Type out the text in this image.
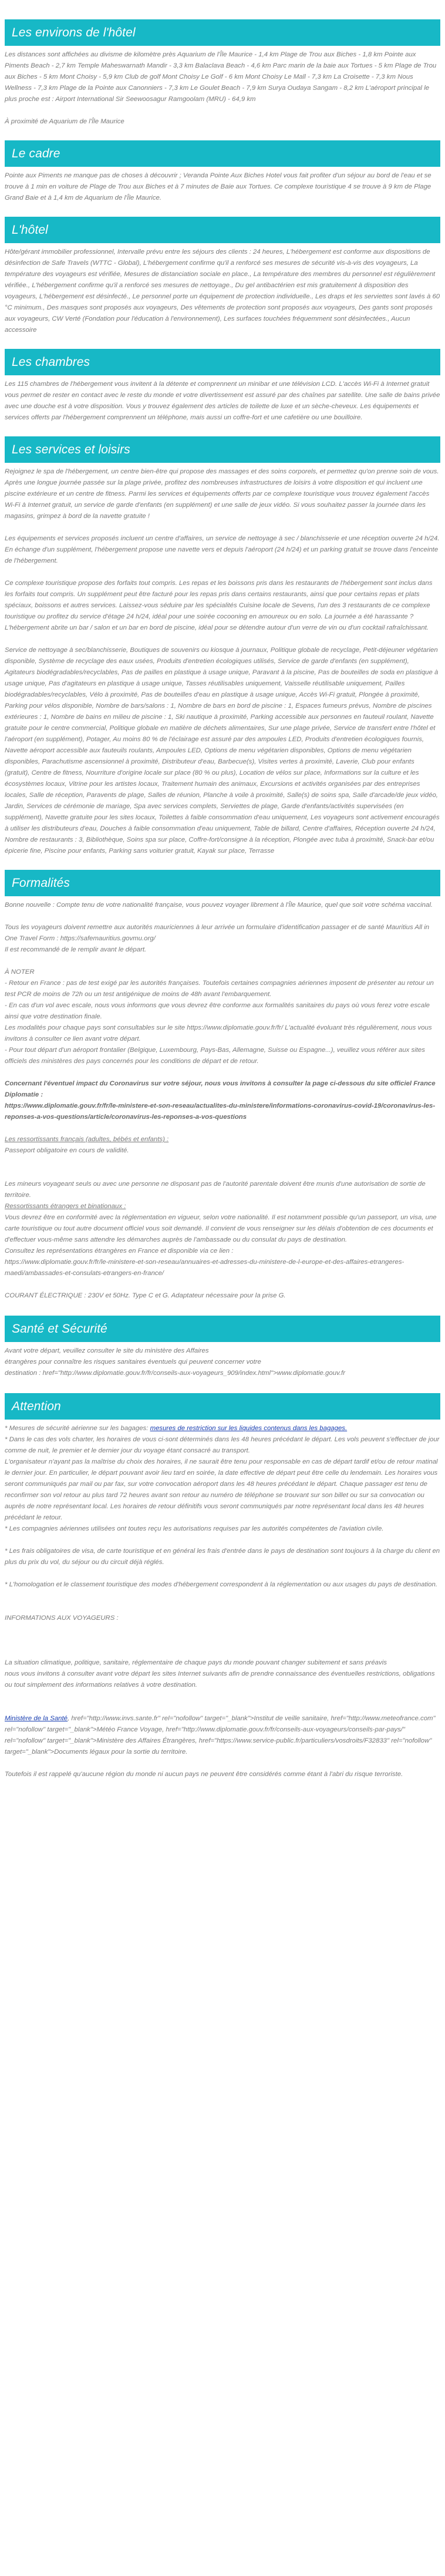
Les environs de l'hôtel

Les distances sont affichées au divisme de kilomètre près Aquarium de l'Île Maurice - 1,4 km Plage de Trou aux Biches - 1,8 km Pointe aux Piments Beach - 2,7 km Temple Maheswarnath Mandir - 3,3 km Balaclava Beach - 4,6 km Parc marin de la baie aux Tortues - 5 km Plage de Trou aux Biches - 5 km Mont Choisy - 5,9 km Club de golf Mont Choisy Le Golf - 6 km Mont Choisy Le Mall - 7,3 km La Croisette - 7,3 km Nous Wellness - 7,3 km Plage de la Pointe aux Canonniers - 7,3 km Le Goulet Beach - 7,9 km Surya Oudaya Sangam - 8,2 km L'aéroport principal le plus proche est : Airport International Sir Seewoosagur Ramgoolam (MRU) - 64,9 km

À proximité de Aquarium de l'Île Maurice

Le cadre

Pointe aux Piments ne manque pas de choses à découvrir ; Veranda Pointe Aux Biches Hotel vous fait profiter d'un séjour au bord de l'eau et se trouve à 1 min en voiture de Plage de Trou aux Biches et à 7 minutes de Baie aux Tortues. Ce complexe touristique 4 se trouve à 9 km de Plage Grand Baie et à 1,4 km de Aquarium de l'Île Maurice.

L'hôtel

Hôte/gérant immobilier professionnel, Intervalle prévu entre les séjours des clients : 24 heures, L'hébergement est conforme aux dispositions de désinfection de Safe Travels (WTTC - Global), L'hébergement confirme qu'il a renforcé ses mesures de sécurité vis-à-vis des voyageurs, La température des voyageurs est vérifiée, Mesures de distanciation sociale en place., La température des membres du personnel est régulièrement vérifiée., L'hébergement confirme qu'il a renforcé ses mesures de nettoyage., Du gel antibactérien est mis gratuitement à disposition des voyageurs, L'hébergement est désinfecté., Le personnel porte un équipement de protection individuelle., Les draps et les serviettes sont lavés à 60 °C minimum., Des masques sont proposés aux voyageurs, Des vêtements de protection sont proposés aux voyageurs, Des gants sont proposés aux voyageurs, CW Verté (Fondation pour l'éducation à l'environnement), Les surfaces touchées fréquemment sont désinfectées., Aucun accessoire

Les chambres

Les 115 chambres de l'hébergement vous invitent à la détente et comprennent un minibar et une télévision LCD. L'accès Wi-Fi à Internet gratuit vous permet de rester en contact avec le reste du monde et votre divertissement est assuré par des chaînes par satellite. Une salle de bains privée avec une douche est à votre disposition. Vous y trouvez également des articles de toilette de luxe et un sèche-cheveux. Les équipements et services offerts par l'hébergement comprennent un téléphone, mais aussi un coffre-fort et une cafetière ou une bouilloire.

Les services et loisirs

Rejoignez le spa de l'hébergement, un centre bien-être qui propose des massages et des soins corporels, et permettez qu'on prenne soin de vous. Après une longue journée passée sur la plage privée, profitez des nombreuses infrastructures de loisirs à votre disposition et qui incluent une piscine extérieure et un centre de fitness. Parmi les services et équipements offerts par ce complexe touristique vous trouvez également l'accès Wi-Fi à Internet gratuit, un service de garde d'enfants (en supplément) et une salle de jeux vidéo. Si vous souhaitez passer la journée dans les magasins, grimpez à bord de la navette gratuite !

Les équipements et services proposés incluent un centre d'affaires, un service de nettoyage à sec / blanchisserie et une réception ouverte 24 h/24. En échange d'un supplément, l'hébergement propose une navette vers et depuis l'aéroport (24 h/24) et un parking gratuit se trouve dans l'enceinte de l'hébergement.

Ce complexe touristique propose des forfaits tout compris. Les repas et les boissons pris dans les restaurants de l'hébergement sont inclus dans les forfaits tout compris. Un supplément peut être facturé pour les repas pris dans certains restaurants, ainsi que pour certains repas et plats spéciaux, boissons et autres services. Laissez-vous séduire par les spécialités Cuisine locale de Sevens, l'un des 3 restaurants de ce complexe touristique ou profitez du service d'étage 24 h/24, idéal pour une soirée cocooning en amoureux ou en solo. La journée a été harassante ? L'hébergement abrite un bar / salon et un bar en bord de piscine, idéal pour se détendre autour d'un verre de vin ou d'un cocktail rafraîchissant.

Service de nettoyage à sec/blanchisserie, Boutiques de souvenirs ou kiosque à journaux, Politique globale de recyclage, Petit-déjeuner végétarien disponible, Système de recyclage des eaux usées, Produits d'entretien écologiques utilisés, Service de garde d'enfants (en supplément), Agitateurs biodégradables/recyclables, Pas de pailles en plastique à usage unique, Paravant à la piscine, Pas de bouteilles de soda en plastique à usage unique, Pas d'agitateurs en plastique à usage unique, Tasses réutilisables uniquement, Vaisselle réutilisable uniquement, Pailles biodégradables/recyclables, Vélo à proximité, Pas de bouteilles d'eau en plastique à usage unique, Accès Wi-Fi gratuit, Plongée à proximité, Parking pour vélos disponible, Nombre de bars/salons : 1, Nombre de bars en bord de piscine : 1, Espaces fumeurs prévus, Nombre de piscines extérieures : 1, Nombre de bains en milieu de piscine : 1, Ski nautique à proximité, Parking accessible aux personnes en fauteuil roulant, Navette gratuite pour le centre commercial, Politique globale en matière de déchets alimentaires, Sur une plage privée, Service de transfert entre l'hôtel et l'aéroport (en supplément), Potager, Au moins 80 % de l'éclairage est assuré par des ampoules LED, Produits d'entretien écologiques fournis, Navette aéroport accessible aux fauteuils roulants, Ampoules LED, Options de menu végétarien disponibles, Options de menu végétarien disponibles, Parachutisme ascensionnel à proximité, Distributeur d'eau, Barbecue(s), Visites vertes à proximité, Laverie, Club pour enfants (gratuit), Centre de fitness, Nourriture d'origine locale sur place (80 % ou plus), Location de vélos sur place, Informations sur la culture et les écosystèmes locaux, Vitrine pour les artistes locaux, Traitement humain des animaux, Excursions et activités organisées par des entreprises locales, Salle de réception, Paravents de plage, Salles de réunion, Planche à voile à proximité, Salle(s) de soins spa, Salle d'arcade/de jeux vidéo, Jardin, Services de cérémonie de mariage, Spa avec services complets, Serviettes de plage, Garde d'enfants/activités supervisées (en supplément), Navette gratuite pour les sites locaux, Toilettes à faible consommation d'eau uniquement, Les voyageurs sont activement encouragés à utiliser les distributeurs d'eau, Douches à faible consommation d'eau uniquement, Table de billard, Centre d'affaires, Réception ouverte 24 h/24, Nombre de restaurants : 3, Bibliothèque, Soins spa sur place, Coffre-fort/consigne à la réception, Plongée avec tuba à proximité, Snack-bar et/ou épicerie fine, Piscine pour enfants, Parking sans voiturier gratuit, Kayak sur place, Terrasse

Formalités

Bonne nouvelle : Compte tenu de votre nationalité française, vous pouvez voyager librement à l'Île Maurice, quel que soit votre schéma vaccinal.

Tous les voyageurs doivent remettre aux autorités mauriciennes à leur arrivée un formulaire d'identification passager et de santé Mauritius All in One Travel Form : https://safemauritius.govmu.org/

Il est recommandé de le remplir avant le départ.

À NOTER

- Retour en France : pas de test exigé par les autorités françaises. Toutefois certaines compagnies aériennes imposent de présenter au retour un test PCR de moins de 72h ou un test antigénique de moins de 48h avant l'embarquement.

- En cas d'un vol avec escale, nous vous informons que vous devrez être conforme aux formalités sanitaires du pays où vous ferez votre escale ainsi que votre destination finale.

Les modalités pour chaque pays sont consultables sur le site https://www.diplomatie.gouv.fr/fr/ L'actualité évoluant très régulièrement, nous vous invitons à consulter ce lien avant votre départ.

- Pour tout départ d'un aéroport frontalier (Belgique, Luxembourg, Pays-Bas, Allemagne, Suisse ou Espagne...), veuillez vous référer aux sites officiels des ministères des pays concernés pour les conditions de départ et de retour.

Concernant l'éventuel impact du Coronavirus sur votre séjour, nous vous invitons à consulter la page ci-dessous du site officiel France Diplomatie :
https://www.diplomatie.gouv.fr/fr/le-ministere-et-son-reseau/actualites-du-ministere/informations-coronavirus-covid-19/coronavirus-les-reponses-a-vos-questions/article/coronavirus-les-reponses-a-vos-questions

Les ressortissants français (adultes, bébés et enfants) :

Passeport obligatoire en cours de validité.

Les mineurs voyageant seuls ou avec une personne ne disposant pas de l'autorité parentale doivent être munis d'une autorisation de sortie de territoire.

Ressortissants étrangers et binationaux :

Vous devrez être en conformité avec la réglementation en vigueur, selon votre nationalité. Il est notamment possible qu'un passeport, un visa, une carte touristique ou tout autre document officiel vous soit demandé. Il convient de vous renseigner sur les délais d'obtention de ces documents et d'effectuer vous-même sans attendre les démarches auprès de l'ambassade ou du consulat du pays de destination.
Consultez les représentations étrangères en France et disponible via ce lien :
https://www.diplomatie.gouv.fr/fr/le-ministere-et-son-reseau/annuaires-et-adresses-du-ministere-de-l-europe-et-des-affaires-etrangeres-maedi/ambassades-et-consulats-etrangers-en-france/

COURANT ÉLECTRIQUE : 230V et 50Hz. Type C et G. Adaptateur nécessaire pour la prise G.

Santé et Sécurité

Avant votre départ, veuillez consulter le site du ministère des Affaires

étrangères pour connaître les risques sanitaires éventuels qui peuvent concerner votre

destination : href="http://www.diplomatie.gouv.fr/fr/conseils-aux-voyageurs_909/index.html">www.diplomatie.gouv.fr

Attention

* Mesures de sécurité aérienne sur les bagages: mesures de restriction sur les liquides contenus dans les bagages.

* Dans le cas des vols charter, les horaires de vous ci-sont déterminés dans les 48 heures précédant le départ. Les vols peuvent s'effectuer de jour comme de nuit, le premier et le dernier jour du voyage étant consacré au transport.

L'organisateur n'ayant pas la maîtrise du choix des horaires, il ne saurait être tenu pour responsable en cas de départ tardif et/ou de retour matinal le dernier jour. En particulier, le départ pouvant avoir lieu tard en soirée, la date effective de départ peut être celle du lendemain. Les horaires vous seront communiqués par mail ou par fax, sur votre convocation aéroport dans les 48 heures précédant le départ. Chaque passager est tenu de reconfirmer son vol retour au plus tard 72 heures avant son retour au numéro de téléphone se trouvant sur son billet ou sur sa convocation ou auprès de notre représentant local. Les horaires de retour définitifs vous seront communiqués par notre représentant local dans les 48 heures précédant le retour.

* Les compagnies aériennes utilisées ont toutes reçu les autorisations requises par les autorités compétentes de l'aviation civile.

* Les frais obligatoires de visa, de carte touristique et en général les frais d'entrée dans le pays de destination sont toujours à la charge du client en plus du prix du vol, du séjour ou du circuit déjà réglés.

* L'homologation et le classement touristique des modes d'hébergement correspondent à la réglementation ou aux usages du pays de destination.

INFORMATIONS AUX VOYAGEURS :

La situation climatique, politique, sanitaire, réglementaire de chaque pays du monde pouvant changer subitement et sans préavis

nous vous invitons à consulter avant votre départ les sites Internet suivants afin de prendre connaissance des éventuelles restrictions, obligations ou tout simplement des informations relatives à votre destination.

Ministère de la Santé, href="http://www.invs.sante.fr" rel="nofollow" target="_blank">Institut de veille sanitaire, href="http://www.meteofrance.com" rel="nofollow" target="_blank">Météo France Voyage, href="http://www.diplomatie.gouv.fr/fr/conseils-aux-voyageurs/conseils-par-pays/" rel="nofollow" target="_blank">Ministère des Affaires Étrangères, href="https://www.service-public.fr/particuliers/vosdroits/F32833" rel="nofollow" target="_blank">Documents légaux pour la sortie du territoire.

Toutefois il est rappelé qu'aucune région du monde ni aucun pays ne peuvent être considérés comme étant à l'abri du risque terroriste.
